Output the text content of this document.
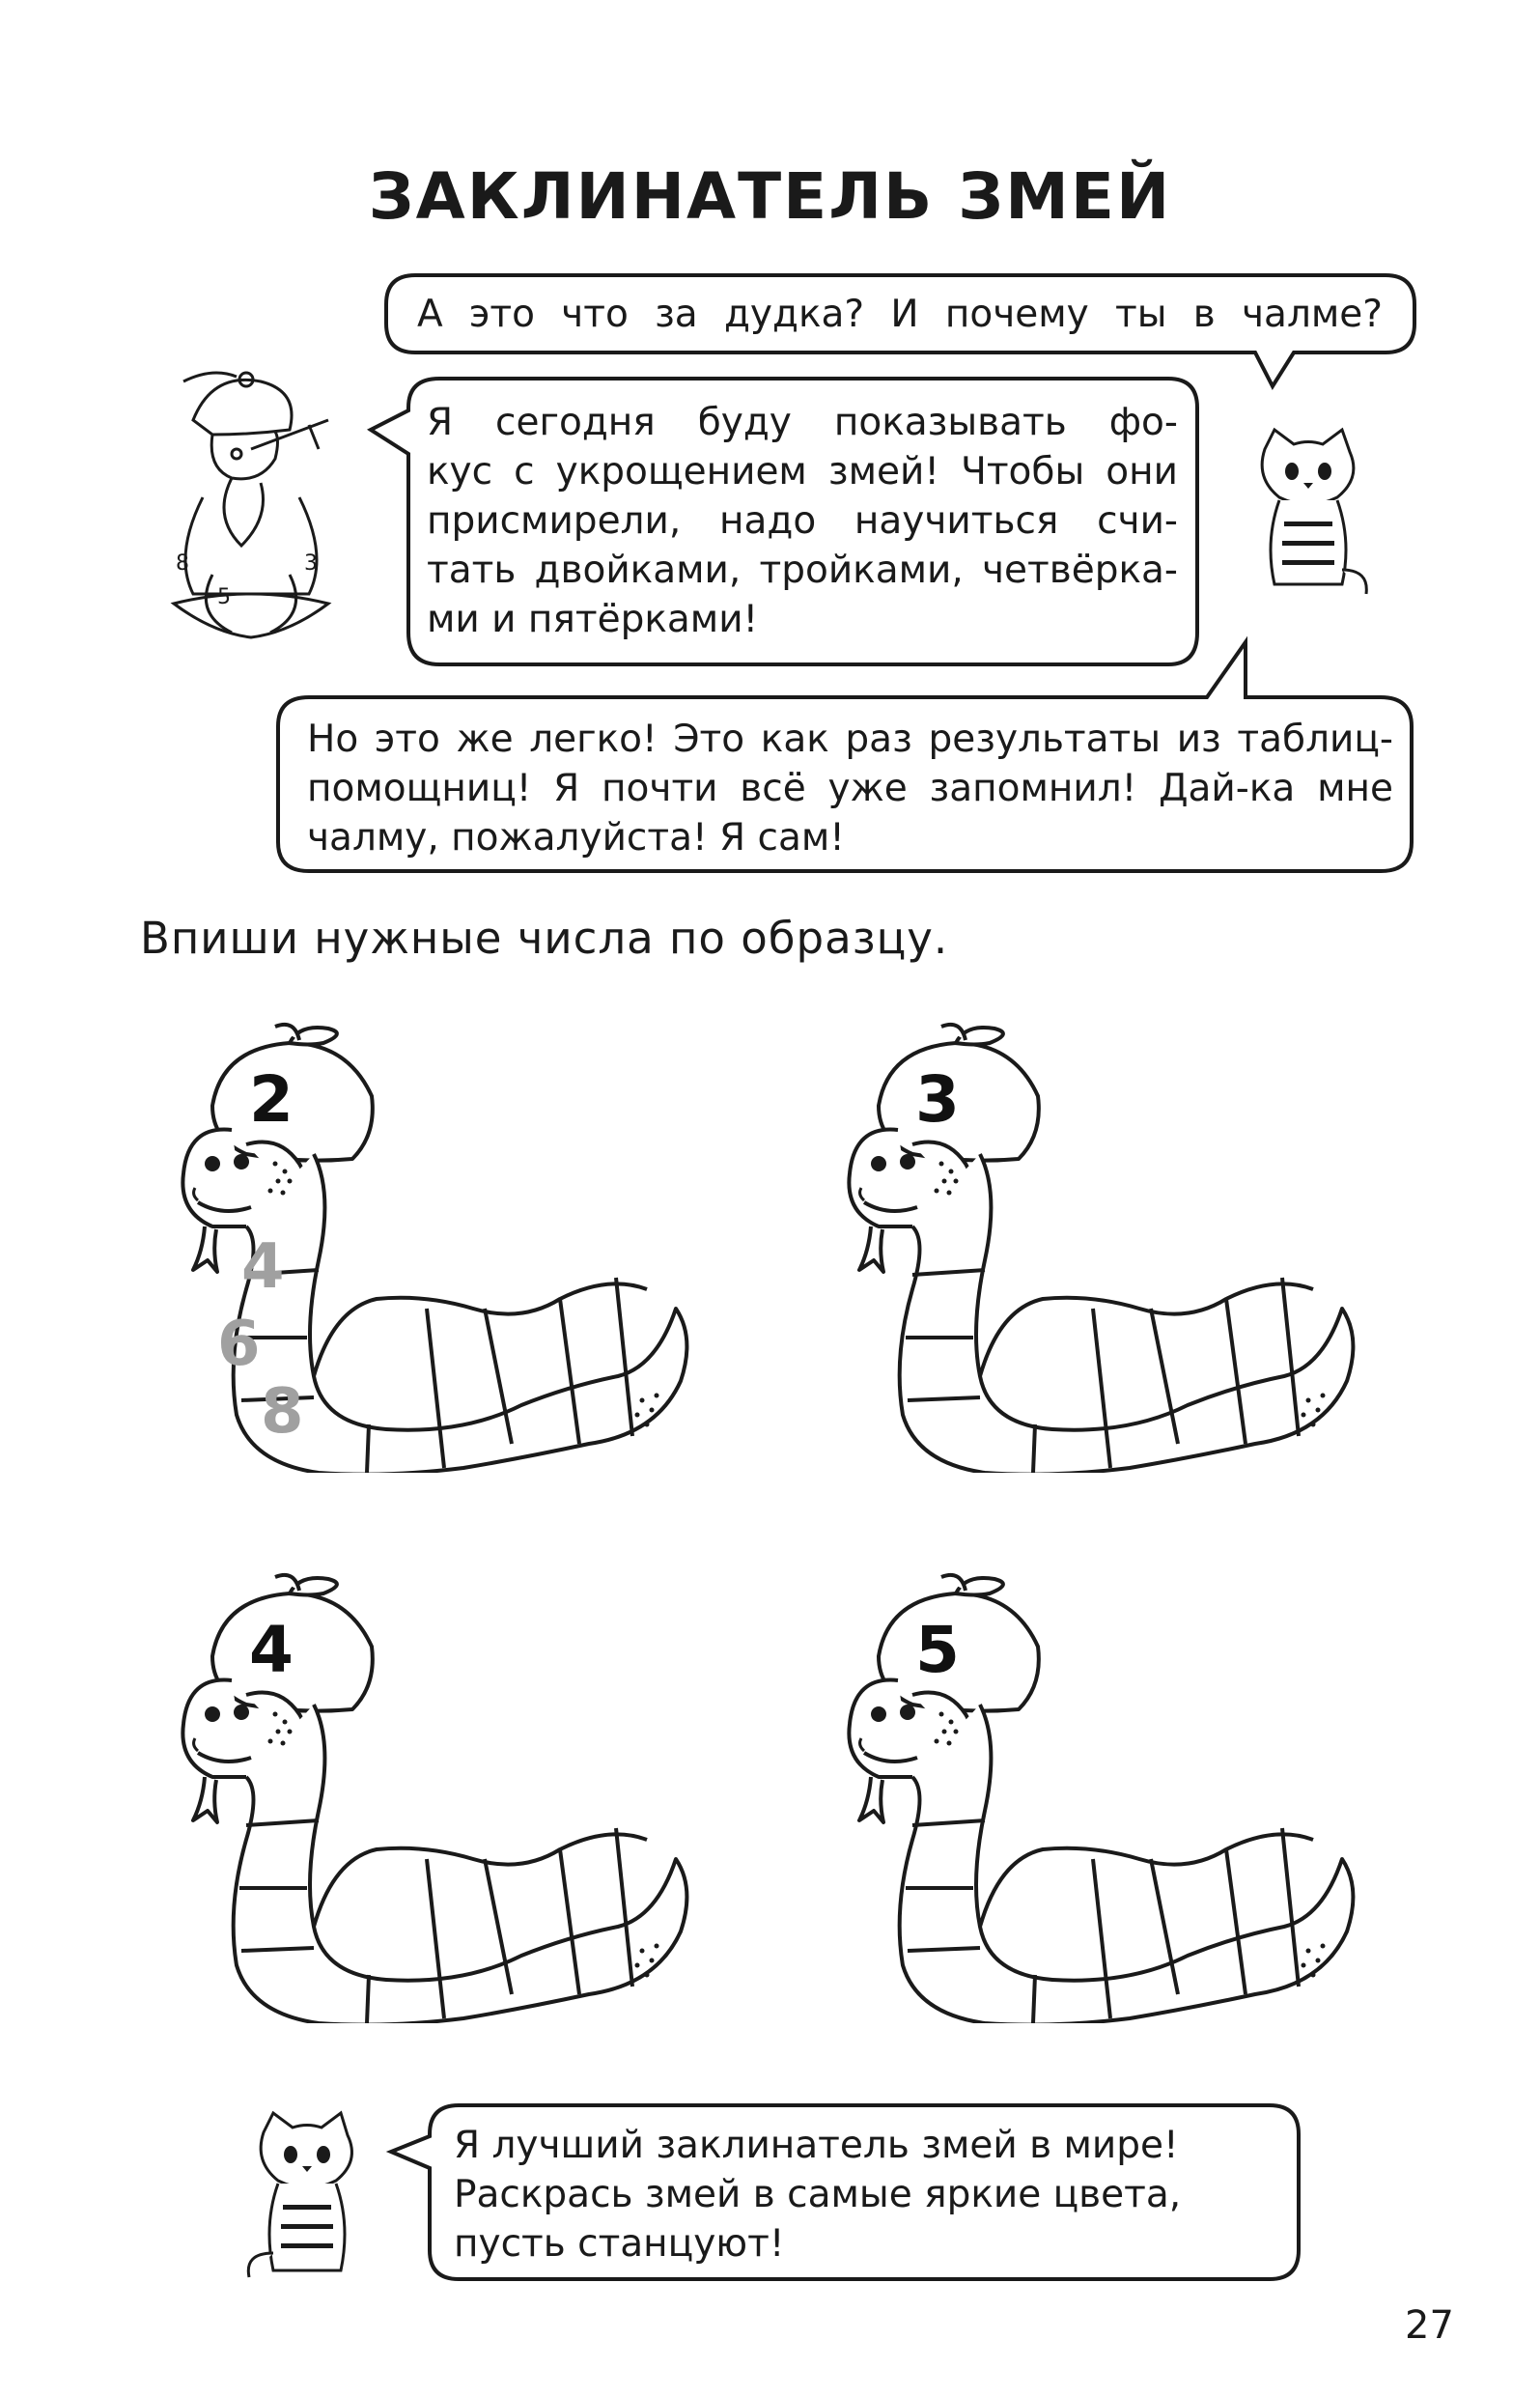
ЗАКЛИНАТЕЛЬ ЗМЕЙ
А это что за дудка? И почему ты в чалме?
Я сегодня буду показывать фо-
кус с укрощением змей! Чтобы они
присмирели, надо научиться счи-
тать двойками, тройками, четвёрка-
ми и пятёрками!
Но это же легко! Это как раз результаты из таблиц-
помощниц! Я почти всё уже запомнил! Дай-ка мне
чалму, пожалуйста! Я сам!
Я лучший заклинатель змей в мире!
Раскрась змей в самые яркие цвета,
пусть станцуют!
8
5
3
Впиши нужные числа по образцу.
2
4
6
8
3
4	5
27
